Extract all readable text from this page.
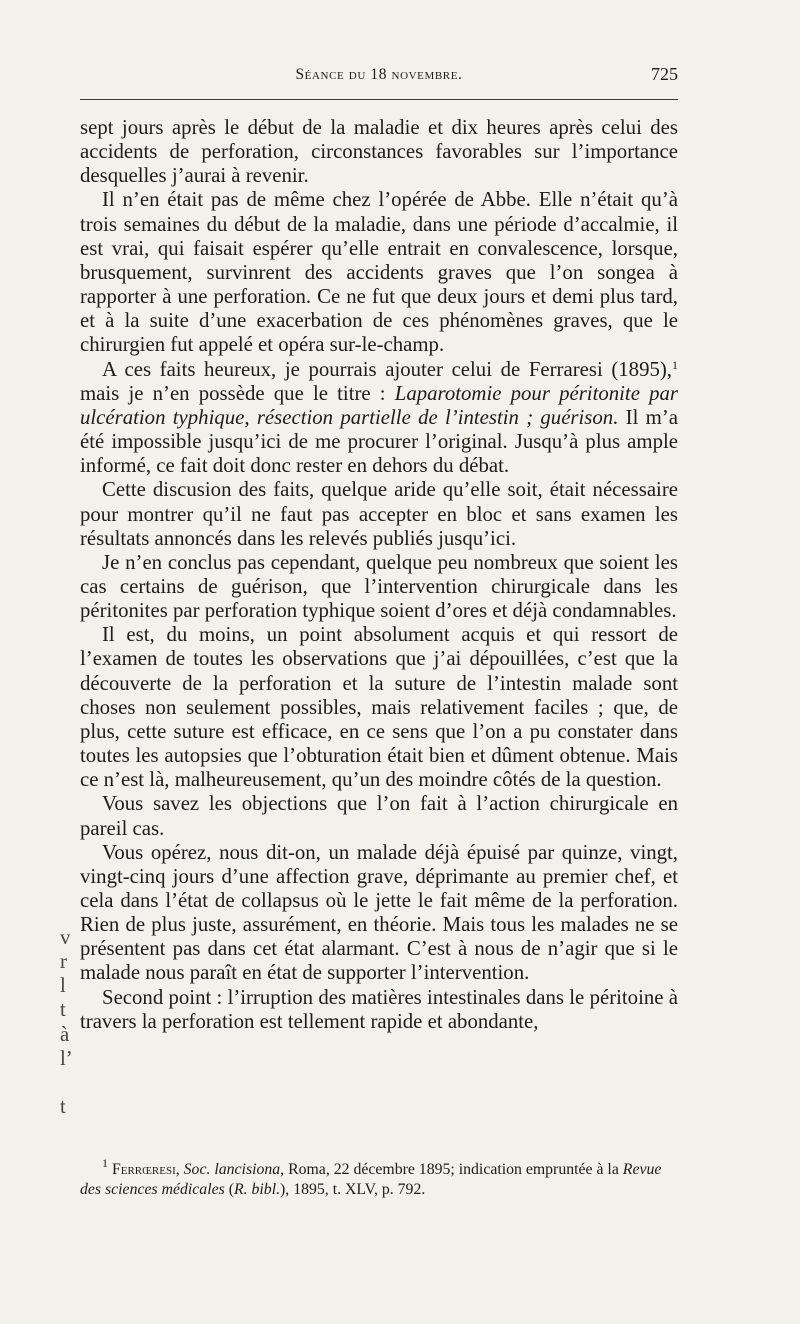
Séance du 18 novembre.	725
v
r
l
t
à
l’
t

sept jours après le début de la maladie et dix heures après celui des accidents de perforation, circonstances favorables sur l’importance desquelles j’aurai à revenir.

Il n’en était pas de même chez l’opérée de Abbe. Elle n’était qu’à trois semaines du début de la maladie, dans une période d’accalmie, il est vrai, qui faisait espérer qu’elle entrait en convalescence, lorsque, brusquement, survinrent des accidents graves que l’on songea à rapporter à une perforation. Ce ne fut que deux jours et demi plus tard, et à la suite d’une exacerbation de ces phénomènes graves, que le chirurgien fut appelé et opéra sur-le-champ.

A ces faits heureux, je pourrais ajouter celui de Ferraresi (1895),$^1$ mais je n’en possède que le titre : Laparotomie pour péritonite par ulcération typhique, résection partielle de l’intestin ; guérison. Il m’a été impossible jusqu’ici de me procurer l’original. Jusqu’à plus ample informé, ce fait doit donc rester en dehors du débat.

Cette discusion des faits, quelque aride qu’elle soit, était nécessaire pour montrer qu’il ne faut pas accepter en bloc et sans examen les résultats annoncés dans les relevés publiés jusqu’ici.

Je n’en conclus pas cependant, quelque peu nombreux que soient les cas certains de guérison, que l’intervention chirurgicale dans les péritonites par perforation typhique soient d’ores et déjà condamnables.

Il est, du moins, un point absolument acquis et qui ressort de l’examen de toutes les observations que j’ai dépouillées, c’est que la découverte de la perforation et la suture de l’intestin malade sont choses non seulement possibles, mais relativement faciles ; que, de plus, cette suture est efficace, en ce sens que l’on a pu constater dans toutes les autopsies que l’obturation était bien et dûment obtenue. Mais ce n’est là, malheureusement, qu’un des moindre côtés de la question.

Vous savez les objections que l’on fait à l’action chirurgicale en pareil cas.

Vous opérez, nous dit-on, un malade déjà épuisé par quinze, vingt, vingt-cinq jours d’une affection grave, déprimante au premier chef, et cela dans l’état de collapsus où le jette le fait même de la perforation. Rien de plus juste, assurément, en théorie. Mais tous les malades ne se présentent pas dans cet état alarmant. C’est à nous de n’agir que si le malade nous paraît en état de supporter l’intervention.

Second point : l’irruption des matières intestinales dans le péritoine à travers la perforation est tellement rapide et abondante,

$^1$ Ferrœresi, Soc. lancisiona, Roma, 22 décembre 1895; indication empruntée à la Revue des sciences médicales (R. bibl.), 1895, t. XLV, p. 792.
